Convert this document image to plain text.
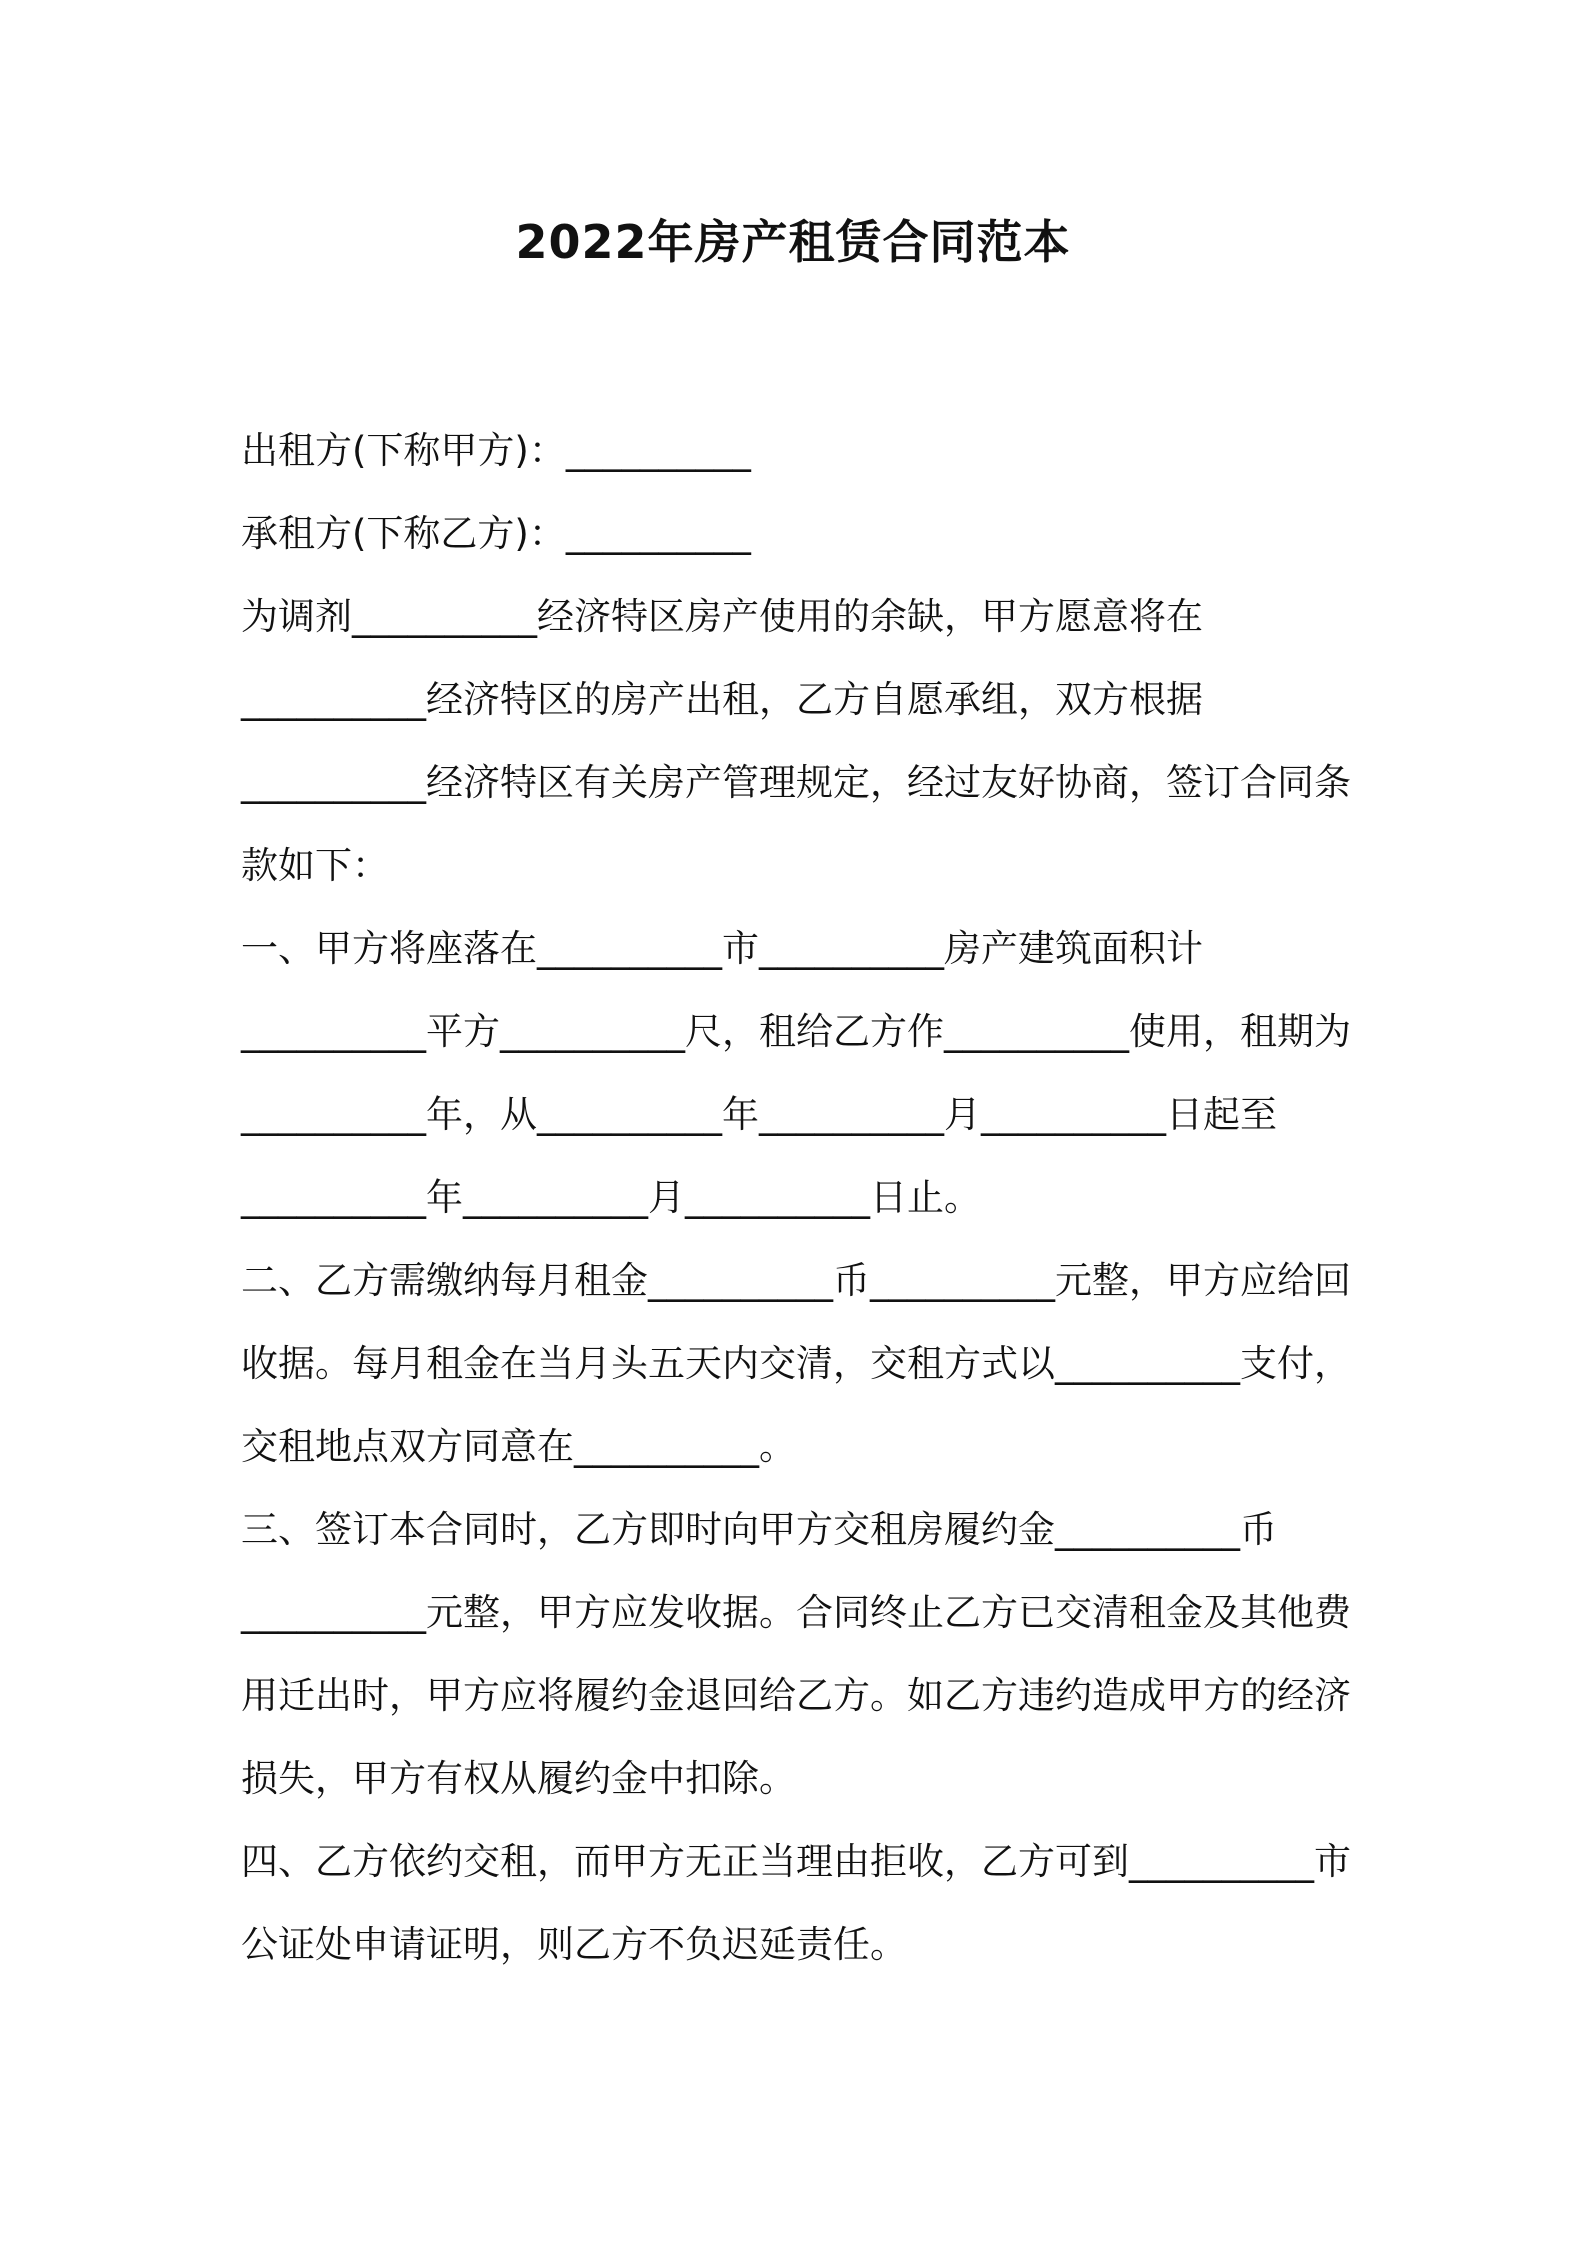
2022年房产租赁合同范本

出租方(下称甲方)：__________

承租方(下称乙方)：__________

为调剂__________经济特区房产使用的余缺，甲方愿意将在__________经济特区的房产出租，乙方自愿承组，双方根据__________经济特区有关房产管理规定，经过友好协商，签订合同条款如下：

一、甲方将座落在__________市__________房产建筑面积计__________平方__________尺，租给乙方作__________使用，租期为__________年，从__________年__________月__________日起至__________年__________月__________日止。

二、乙方需缴纳每月租金__________币__________元整，甲方应给回收据。每月租金在当月头五天内交清，交租方式以__________支付，交租地点双方同意在__________。

三、签订本合同时，乙方即时向甲方交租房履约金__________币__________元整，甲方应发收据。合同终止乙方已交清租金及其他费用迁出时，甲方应将履约金退回给乙方。如乙方违约造成甲方的经济损失，甲方有权从履约金中扣除。

四、乙方依约交租，而甲方无正当理由拒收，乙方可到__________市公证处申请证明，则乙方不负迟延责任。
